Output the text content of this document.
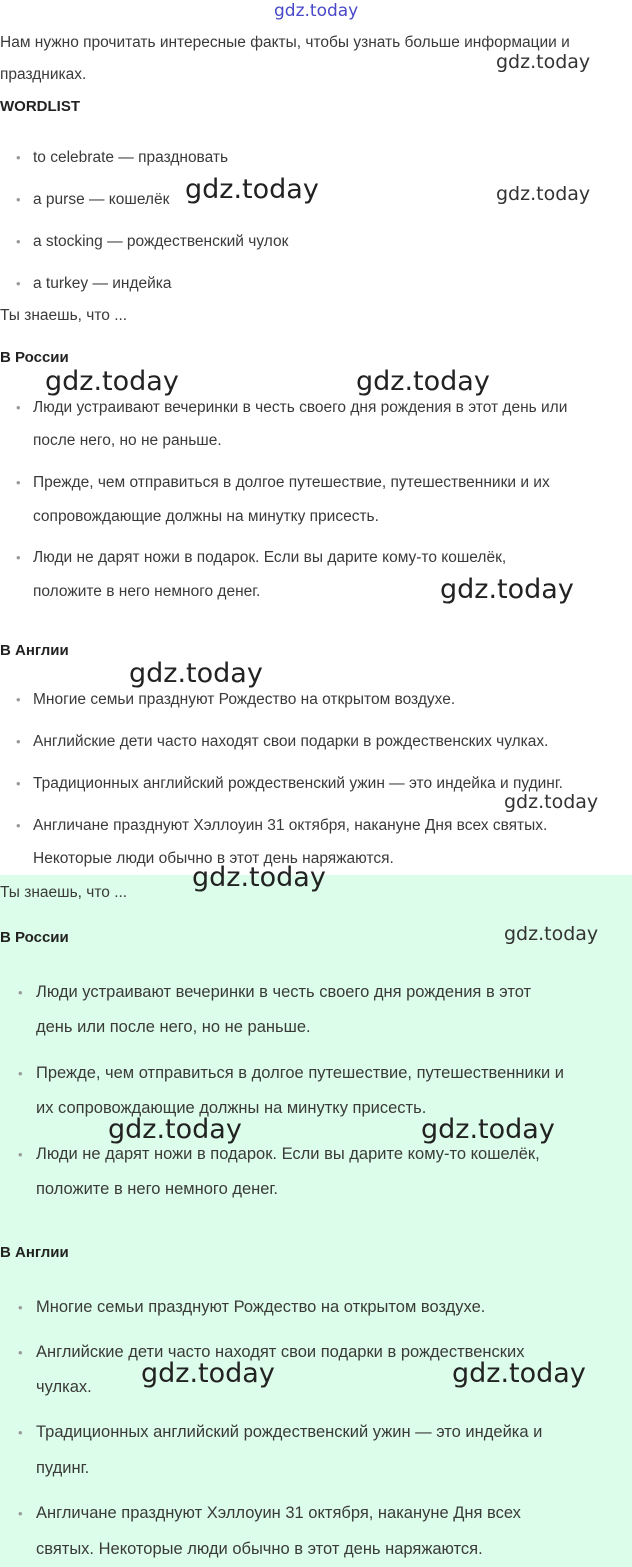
gdz.today
Нам нужно прочитать интересные факты, чтобы узнать больше информации и
праздниках.
WORDLIST
• to celebrate — праздновать
• a purse — кошелёк
• a stocking — рождественский чулок
• a turkey — индейка
Ты знаешь, что ...
В России
• Люди устраивают вечеринки в честь своего дня рождения в этот день или
после него, но не раньше.
• Прежде, чем отправиться в долгое путешествие, путешественники и их
сопровождающие должны на минутку присесть.
• Люди не дарят ножи в подарок. Если вы дарите кому-то кошелёк,
положите в него немного денег.
В Англии
• Многие семьи празднуют Рождество на открытом воздухе.
• Английские дети часто находят свои подарки в рождественских чулках.
• Традиционных английский рождественский ужин — это индейка и пудинг.
• Англичане празднуют Хэллоуин 31 октября, накануне Дня всех святых.
Некоторые люди обычно в этот день наряжаются.
Ты знаешь, что ...
В России
• Люди устраивают вечеринки в честь своего дня рождения в этот
день или после него, но не раньше.
• Прежде, чем отправиться в долгое путешествие, путешественники и
их сопровождающие должны на минутку присесть.
• Люди не дарят ножи в подарок. Если вы дарите кому-то кошелёк,
положите в него немного денег.
В Англии
• Многие семьи празднуют Рождество на открытом воздухе.
• Английские дети часто находят свои подарки в рождественских
чулках.
• Традиционных английский рождественский ужин — это индейка и
пудинг.
• Англичане празднуют Хэллоуин 31 октября, накануне Дня всех
святых. Некоторые люди обычно в этот день наряжаются.
gdz.today
gdz.today	gdz.today
gdz.today	gdz.today
gdz.today
gdz.today
gdz.today
gdz.today
gdz.today
gdz.today	gdz.today
gdz.today	gdz.today
